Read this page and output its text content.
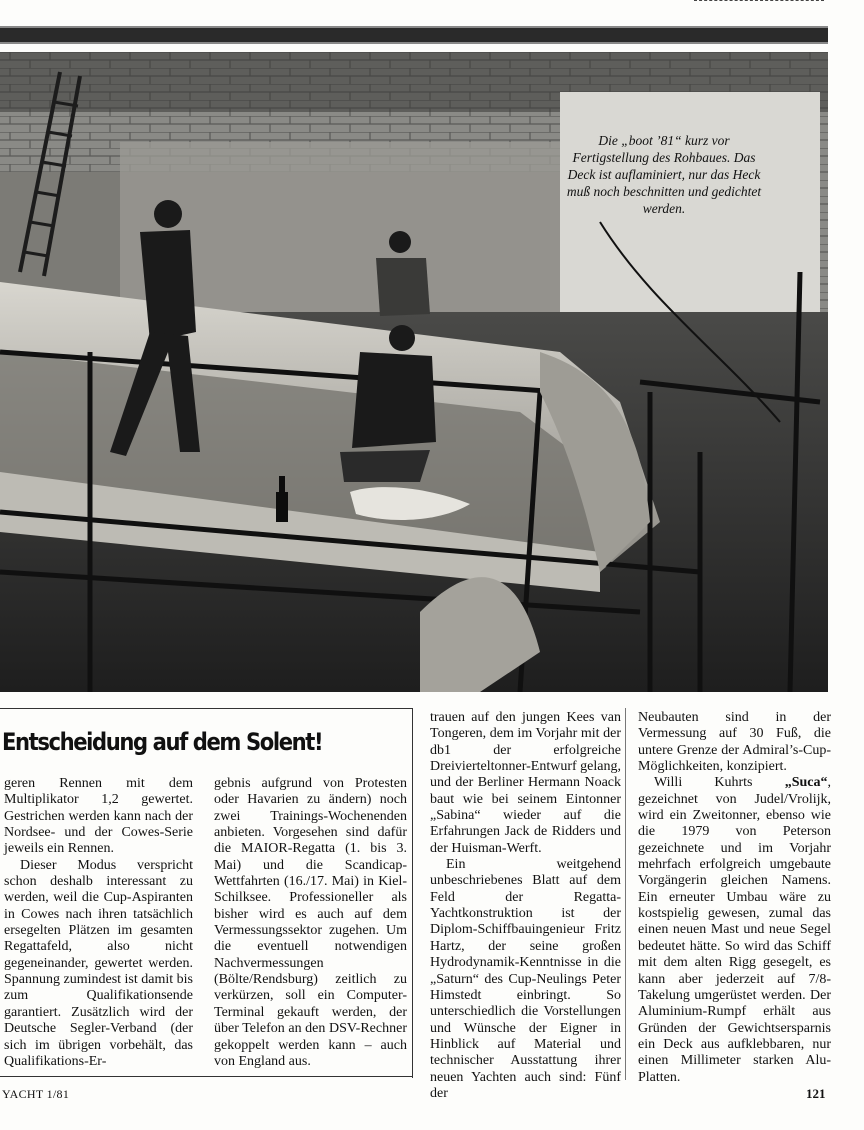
Die „boot ’81“ kurz vor Fertigstellung des Rohbaues. Das Deck ist auflaminiert, nur das Heck muß noch beschnitten und gedichtet werden.
Entscheidung auf dem Solent!

geren Rennen mit dem Multiplikator 1,2 gewertet. Gestrichen werden kann nach der Nordsee- und der Cowes-Serie jeweils ein Rennen.

Dieser Modus verspricht schon deshalb interessant zu werden, weil die Cup-Aspiranten in Cowes nach ihren tatsächlich ersegelten Plätzen im gesamten Regattafeld, also nicht gegeneinander, gewertet werden. Spannung zumindest ist damit bis zum Qualifikationsende garantiert. Zusätzlich wird der Deutsche Segler-Verband (der sich im übrigen vorbehält, das Qualifikations-Er-

gebnis aufgrund von Protesten oder Havarien zu ändern) noch zwei Trainings-Wochenenden anbieten. Vorgesehen sind dafür die MAIOR-Regatta (1. bis 3. Mai) und die Scandicap-Wettfahrten (16./17. Mai) in Kiel-Schilksee. Professioneller als bisher wird es auch auf dem Vermessungssektor zugehen. Um die eventuell notwendigen Nachvermessungen (Bölte/Rendsburg) zeitlich zu verkürzen, soll ein Computer-Terminal gekauft werden, der über Telefon an den DSV-Rechner gekoppelt werden kann – auch von England aus.

trauen auf den jungen Kees van Tongeren, dem im Vorjahr mit der db1 der erfolgreiche Dreivierteltonner-Entwurf gelang, und der Berliner Hermann Noack baut wie bei seinem Eintonner „Sabina“ wieder auf die Erfahrungen Jack de Ridders und der Huisman-Werft.

Ein weitgehend unbeschriebenes Blatt auf dem Feld der Regatta-Yachtkonstruktion ist der Diplom-Schiffbauingenieur Fritz Hartz, der seine großen Hydrodynamik-Kenntnisse in die „Saturn“ des Cup-Neulings Peter Himstedt einbringt. So unterschiedlich die Vorstellungen und Wünsche der Eigner in Hinblick auf Material und technischer Ausstattung ihrer neuen Yachten auch sind: Fünf der

Neubauten sind in der Vermessung auf 30 Fuß, die untere Grenze der Admiral’s-Cup-Möglichkeiten, konzipiert.

Willi Kuhrts „Suca“, gezeichnet von Judel/Vrolijk, wird ein Zweitonner, ebenso wie die 1979 von Peterson gezeichnete und im Vorjahr mehrfach erfolgreich umgebaute Vorgängerin gleichen Namens. Ein erneuter Umbau wäre zu kostspielig gewesen, zumal das einen neuen Mast und neue Segel bedeutet hätte. So wird das Schiff mit dem alten Rigg gesegelt, es kann aber jederzeit auf 7/8-Takelung umgerüstet werden. Der Aluminium-Rumpf erhält aus Gründen der Gewichtsersparnis ein Deck aus aufklebbaren, nur einen Millimeter starken Alu-Platten.

YACHT 1/81	121
